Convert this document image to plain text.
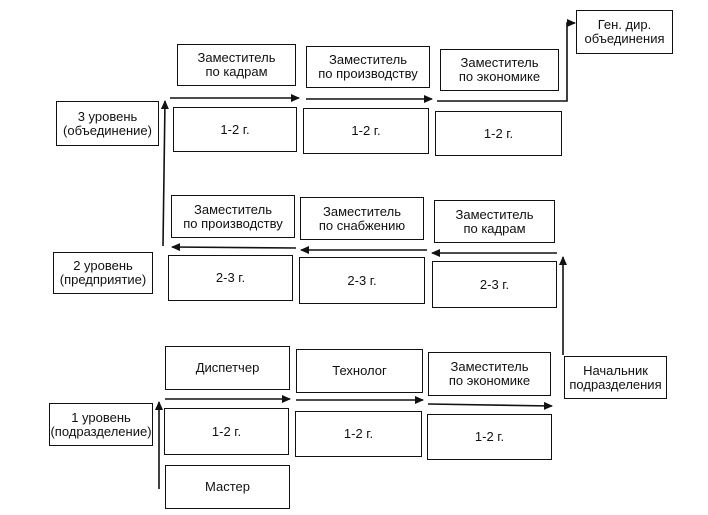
1 уровень
(подразделение)
2 уровень
(предприятие)
3 уровень
(объединение)
Заместитель
по кадрам
Заместитель
по производству
Заместитель
по экономике
1-2 г.	1-2 г.	1-2 г.
Ген. дир.
объединения
Заместитель
по производству
Заместитель
по снабжению
Заместитель
по кадрам
2-3 г.	2-3 г.	2-3 г.
Диспетчер	Технолог	Заместитель
по экономике
1-2 г.	1-2 г.	1-2 г.
Мастер
Начальник
подразделения
